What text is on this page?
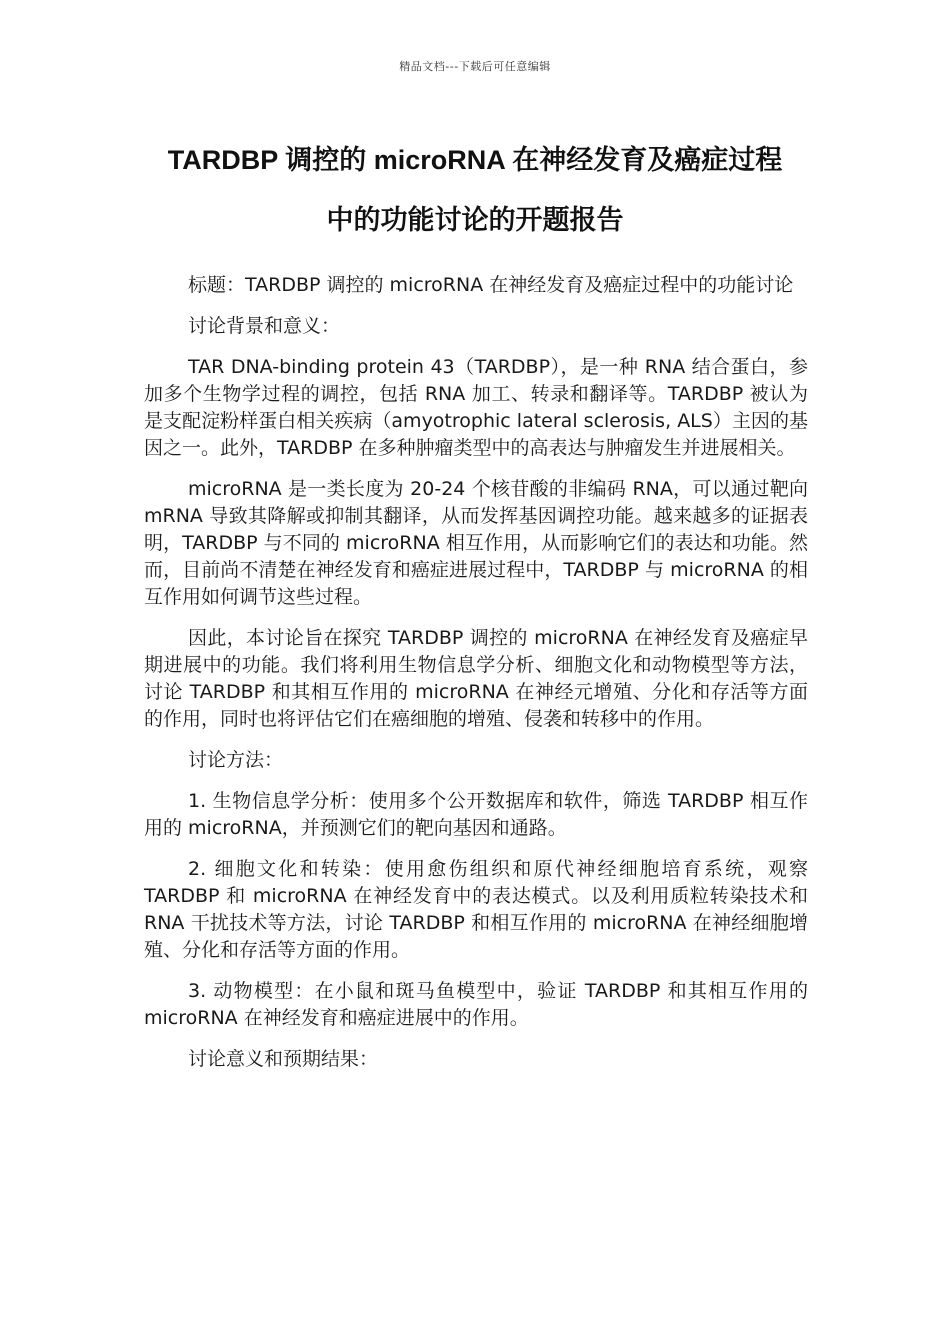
精品文档---下载后可任意编辑
TARDBP 调控的 microRNA 在神经发育及癌症过程
中的功能讨论的开题报告

标题：TARDBP 调控的 microRNA 在神经发育及癌症过程中的功能讨论

讨论背景和意义：

TAR DNA-binding protein 43（TARDBP），是一种 RNA 结合蛋白，参加多个生物学过程的调控，包括 RNA 加工、转录和翻译等。TARDBP 被认为是支配淀粉样蛋白相关疾病（amyotrophic lateral sclerosis, ALS）主因的基因之一。此外，TARDBP 在多种肿瘤类型中的高表达与肿瘤发生并进展相关。

microRNA 是一类长度为 20-24 个核苷酸的非编码 RNA，可以通过靶向 mRNA 导致其降解或抑制其翻译，从而发挥基因调控功能。越来越多的证据表明，TARDBP 与不同的 microRNA 相互作用，从而影响它们的表达和功能。然而，目前尚不清楚在神经发育和癌症进展过程中，TARDBP 与 microRNA 的相互作用如何调节这些过程。

因此，本讨论旨在探究 TARDBP 调控的 microRNA 在神经发育及癌症早期进展中的功能。我们将利用生物信息学分析、细胞文化和动物模型等方法，讨论 TARDBP 和其相互作用的 microRNA 在神经元增殖、分化和存活等方面的作用，同时也将评估它们在癌细胞的增殖、侵袭和转移中的作用。

讨论方法：

1. 生物信息学分析：使用多个公开数据库和软件，筛选 TARDBP 相互作用的 microRNA，并预测它们的靶向基因和通路。

2. 细胞文化和转染：使用愈伤组织和原代神经细胞培育系统，观察 TARDBP 和 microRNA 在神经发育中的表达模式。以及利用质粒转染技术和 RNA 干扰技术等方法，讨论 TARDBP 和相互作用的 microRNA 在神经细胞增殖、分化和存活等方面的作用。

3. 动物模型：在小鼠和斑马鱼模型中，验证 TARDBP 和其相互作用的 microRNA 在神经发育和癌症进展中的作用。

讨论意义和预期结果：
